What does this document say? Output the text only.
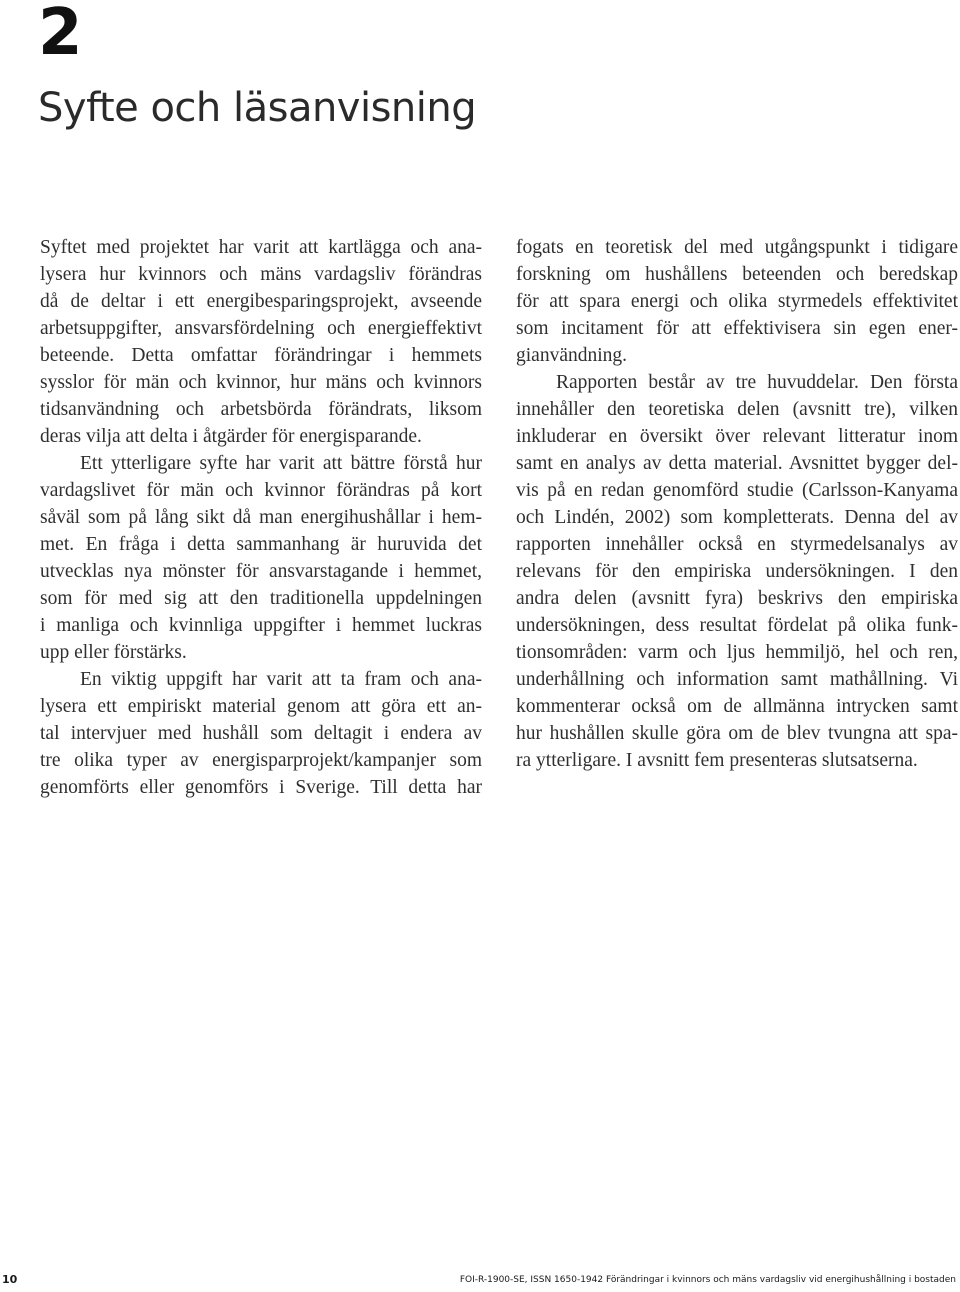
2
Syfte och läsanvisning
Syftet med projektet har varit att kartlägga och ana-
lysera hur kvinnors och mäns vardagsliv förändras
då de deltar i ett energibesparingsprojekt, avseende
arbetsuppgifter, ansvarsfördelning och energieffektivt
beteende. Detta omfattar förändringar i hemmets
sysslor för män och kvinnor, hur mäns och kvinnors
tidsanvändning och arbetsbörda förändrats, liksom
deras vilja att delta i åtgärder för energisparande.
Ett ytterligare syfte har varit att bättre förstå hur
vardagslivet för män och kvinnor förändras på kort
såväl som på lång sikt då man energihushållar i hem-
met. En fråga i detta sammanhang är huruvida det
utvecklas nya mönster för ansvarstagande i hemmet,
som för med sig att den traditionella uppdelningen
i manliga och kvinnliga uppgifter i hemmet luckras
upp eller förstärks.
En viktig uppgift har varit att ta fram och ana-
lysera ett empiriskt material genom att göra ett an-
tal intervjuer med hushåll som deltagit i endera av
tre olika typer av energisparprojekt/kampanjer som
genomförts eller genomförs i Sverige. Till detta har
fogats en teoretisk del med utgångspunkt i tidigare
forskning om hushållens beteenden och beredskap
för att spara energi och olika styrmedels effektivitet
som incitament för att effektivisera sin egen ener-
gianvändning.
Rapporten består av tre huvuddelar. Den första
innehåller den teoretiska delen (avsnitt tre), vilken
inkluderar en översikt över relevant litteratur inom
samt en analys av detta material. Avsnittet bygger del-
vis på en redan genomförd studie (Carlsson-Kanyama
och Lindén, 2002) som kompletterats. Denna del av
rapporten innehåller också en styrmedelsanalys av
relevans för den empiriska undersökningen. I den
andra delen (avsnitt fyra) beskrivs den empiriska
undersökningen, dess resultat fördelat på olika funk-
tionsområden: varm och ljus hemmiljö, hel och ren,
underhållning och information samt mathållning. Vi
kommenterar också om de allmänna intrycken samt
hur hushållen skulle göra om de blev tvungna att spa-
ra ytterligare. I avsnitt fem presenteras slutsatserna.
10	FOI-R-1900-SE, ISSN 1650-1942 Förändringar i kvinnors och mäns vardagsliv vid energihushållning i bostaden
